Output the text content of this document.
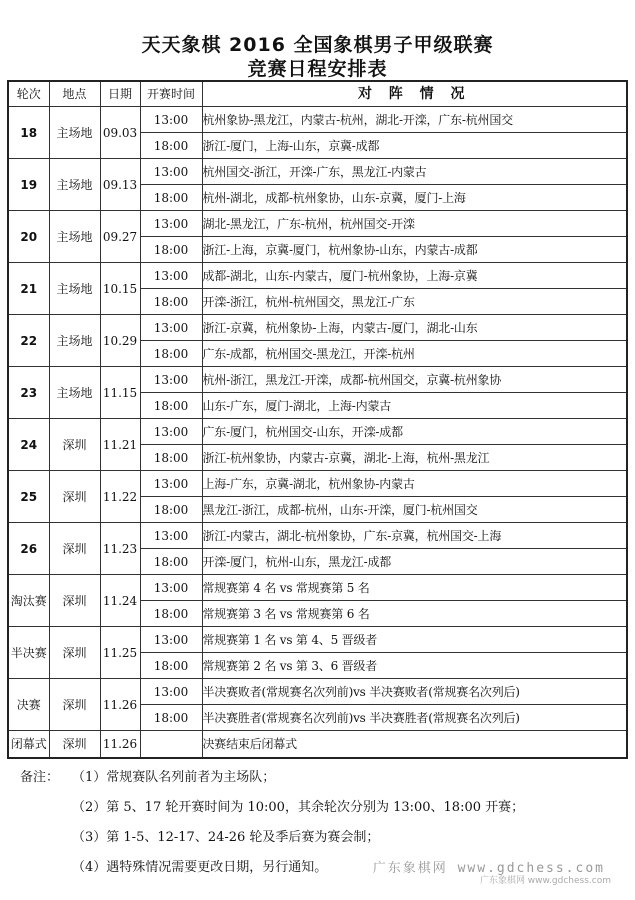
天天象棋 2016 全国象棋男子甲级联赛
竞赛日程安排表
轮次	地点	日期	开赛时间	对 阵 情 况
18	主场地	09.03	13:00	杭州象协-黑龙江，内蒙古-杭州，湖北-开滦，广东-杭州国交
			18:00	浙江-厦门，上海-山东，京冀-成都
19	主场地	09.13	13:00	杭州国交-浙江，开滦-广东，黑龙江-内蒙古
			18:00	杭州-湖北，成都-杭州象协，山东-京冀，厦门-上海
20	主场地	09.27	13:00	湖北-黑龙江，广东-杭州，杭州国交-开滦
			18:00	浙江-上海，京冀-厦门，杭州象协-山东，内蒙古-成都
21	主场地	10.15	13:00	成都-湖北，山东-内蒙古，厦门-杭州象协，上海-京冀
			18:00	开滦-浙江，杭州-杭州国交，黑龙江-广东
22	主场地	10.29	13:00	浙江-京冀，杭州象协-上海，内蒙古-厦门，湖北-山东
			18:00	广东-成都，杭州国交-黑龙江，开滦-杭州
23	主场地	11.15	13:00	杭州-浙江，黑龙江-开滦，成都-杭州国交，京冀-杭州象协
			18:00	山东-广东，厦门-湖北，上海-内蒙古
24	深圳	11.21	13:00	广东-厦门，杭州国交-山东，开滦-成都
			18:00	浙江-杭州象协，内蒙古-京冀，湖北-上海，杭州-黑龙江
25	深圳	11.22	13:00	上海-广东，京冀-湖北，杭州象协-内蒙古
			18:00	黑龙江-浙江，成都-杭州，山东-开滦，厦门-杭州国交
26	深圳	11.23	13:00	浙江-内蒙古，湖北-杭州象协，广东-京冀，杭州国交-上海
			18:00	开滦-厦门，杭州-山东，黑龙江-成都
淘汰赛	深圳	11.24	13:00	常规赛第 4 名 vs 常规赛第 5 名
			18:00	常规赛第 3 名 vs 常规赛第 6 名
半决赛	深圳	11.25	13:00	常规赛第 1 名 vs 第 4、5 晋级者
			18:00	常规赛第 2 名 vs 第 3、6 晋级者
决赛	深圳	11.26	13:00	半决赛败者(常规赛名次列前)vs 半决赛败者(常规赛名次列后)
			18:00	半决赛胜者(常规赛名次列前)vs 半决赛胜者(常规赛名次列后)
闭幕式	深圳	11.26		决赛结束后闭幕式
备注： （1）常规赛队名列前者为主场队；
（2）第 5、17 轮开赛时间为 10:00，其余轮次分别为 13:00、18:00 开赛；
（3）第 1-5、12-17、24-26 轮及季后赛为赛会制；
（4）遇特殊情况需要更改日期，另行通知。	广东象棋网 www.gdchess.com
广东象棋网 www.gdchess.com
